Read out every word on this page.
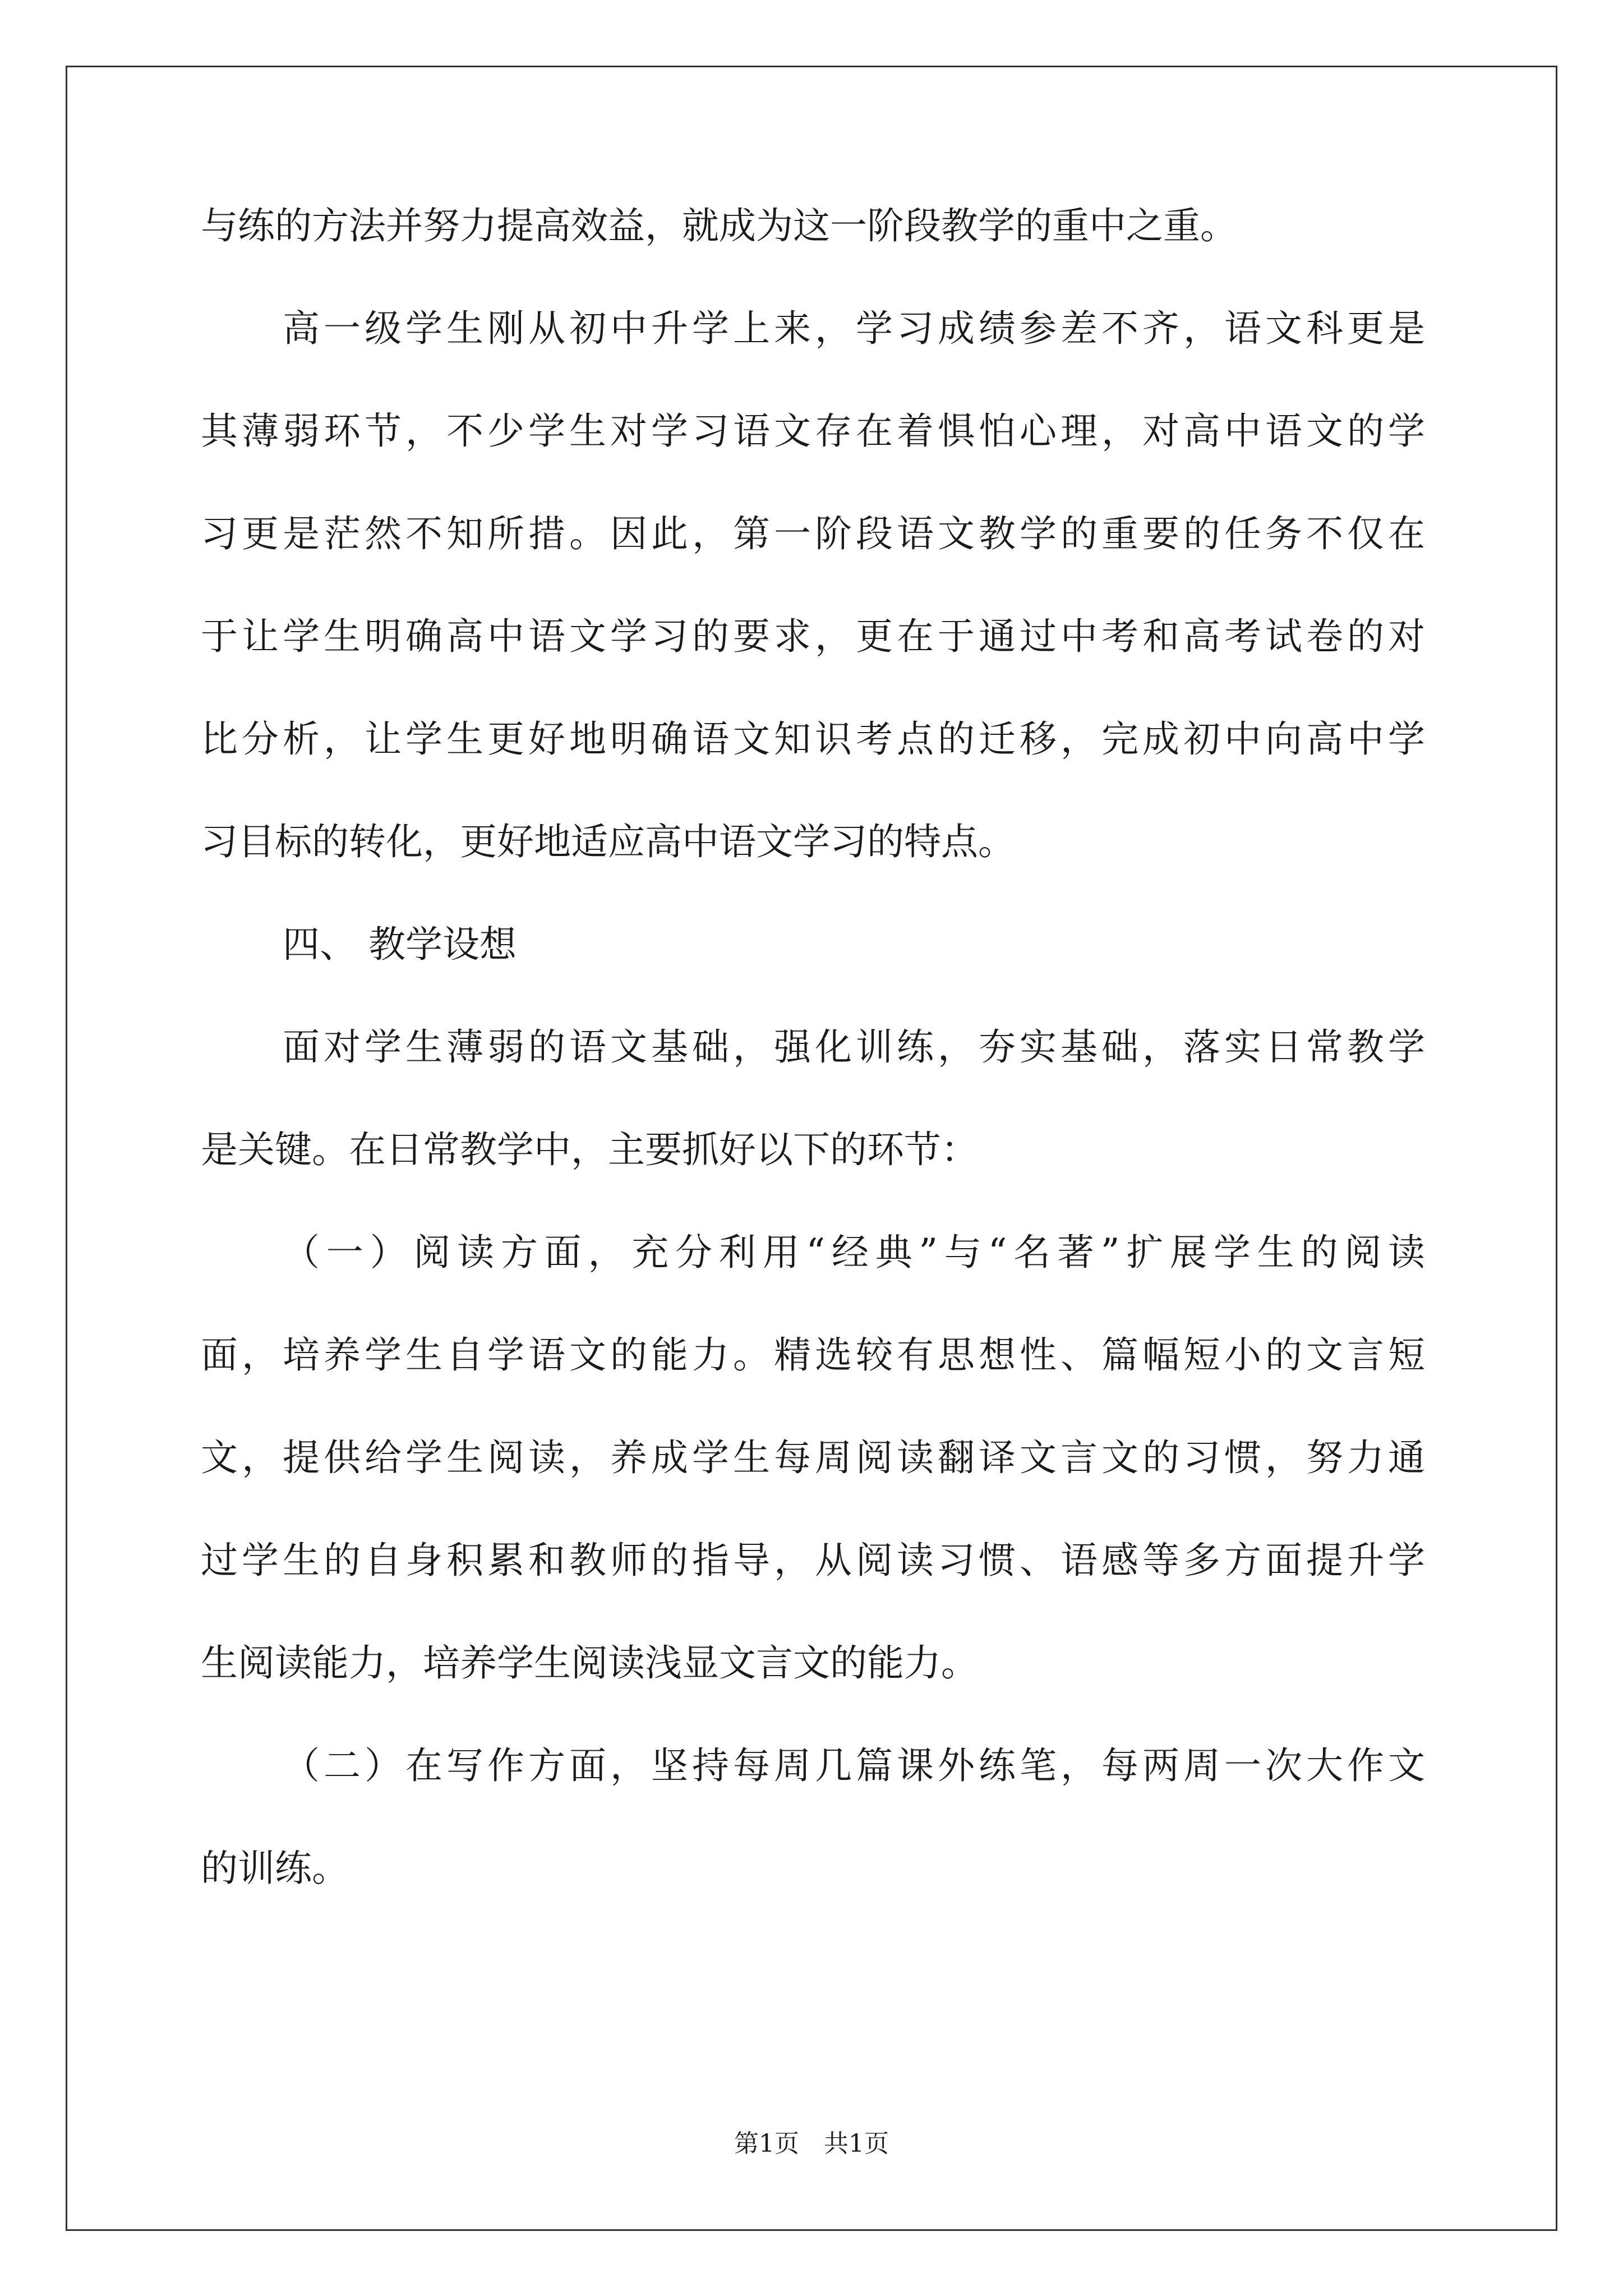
与练的方法并努力提高效益，就成为这一阶段教学的重中之重。
高一级学生刚从初中升学上来，学习成绩参差不齐，语文科更是
其薄弱环节，不少学生对学习语文存在着惧怕心理，对高中语文的学
习更是茫然不知所措。因此，第一阶段语文教学的重要的任务不仅在
于让学生明确高中语文学习的要求，更在于通过中考和高考试卷的对
比分析，让学生更好地明确语文知识考点的迁移，完成初中向高中学
习目标的转化，更好地适应高中语文学习的特点。
四、 教学设想
面对学生薄弱的语文基础，强化训练，夯实基础，落实日常教学
是关键。在日常教学中，主要抓好以下的环节：
（一）阅读方面，充分利用“经典”与“名著”扩展学生的阅读
面，培养学生自学语文的能力。精选较有思想性、篇幅短小的文言短
文，提供给学生阅读，养成学生每周阅读翻译文言文的习惯，努力通
过学生的自身积累和教师的指导，从阅读习惯、语感等多方面提升学
生阅读能力，培养学生阅读浅显文言文的能力。
（二）在写作方面，坚持每周几篇课外练笔，每两周一次大作文
的训练。
第1页　共1页
